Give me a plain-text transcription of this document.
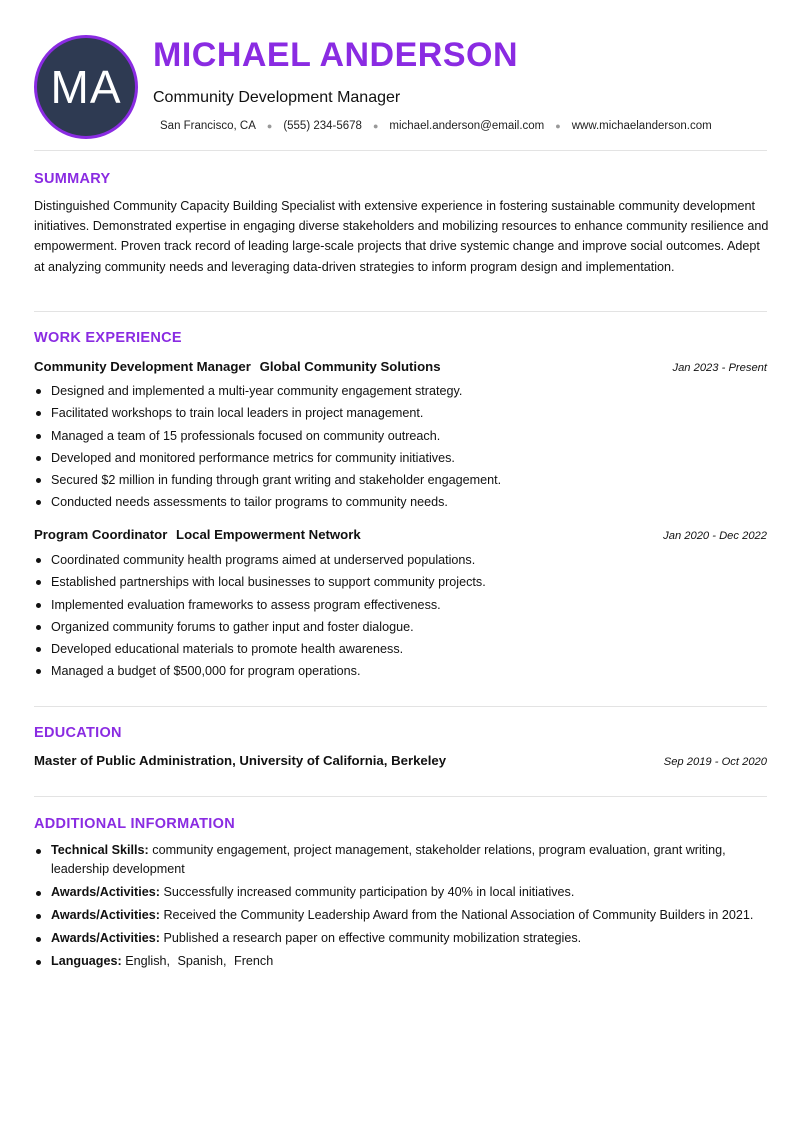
MA
MICHAEL ANDERSON
Community Development Manager
San Francisco, CA ● (555) 234-5678 ● michael.anderson@email.com ● www.michaelanderson.com
SUMMARY
Distinguished Community Capacity Building Specialist with extensive experience in fostering sustainable community development initiatives. Demonstrated expertise in engaging diverse stakeholders and mobilizing resources to enhance community resilience and empowerment. Proven track record of leading large-scale projects that drive systemic change and improve social outcomes. Adept at analyzing community needs and leveraging data-driven strategies to inform program design and implementation.
WORK EXPERIENCE
Community Development Manager Global Community Solutions	Jan 2023 - Present
Designed and implemented a multi-year community engagement strategy.
Facilitated workshops to train local leaders in project management.
Managed a team of 15 professionals focused on community outreach.
Developed and monitored performance metrics for community initiatives.
Secured $2 million in funding through grant writing and stakeholder engagement.
Conducted needs assessments to tailor programs to community needs.
Program Coordinator Local Empowerment Network	Jan 2020 - Dec 2022
Coordinated community health programs aimed at underserved populations.
Established partnerships with local businesses to support community projects.
Implemented evaluation frameworks to assess program effectiveness.
Organized community forums to gather input and foster dialogue.
Developed educational materials to promote health awareness.
Managed a budget of $500,000 for program operations.
EDUCATION
Master of Public Administration, University of California, Berkeley	Sep 2019 - Oct 2020
ADDITIONAL INFORMATION
Technical Skills: community engagement, project management, stakeholder relations, program evaluation, grant writing, leadership development
Awards/Activities: Successfully increased community participation by 40% in local initiatives.
Awards/Activities: Received the Community Leadership Award from the National Association of Community Builders in 2021.
Awards/Activities: Published a research paper on effective community mobilization strategies.
Languages: English, Spanish, French
